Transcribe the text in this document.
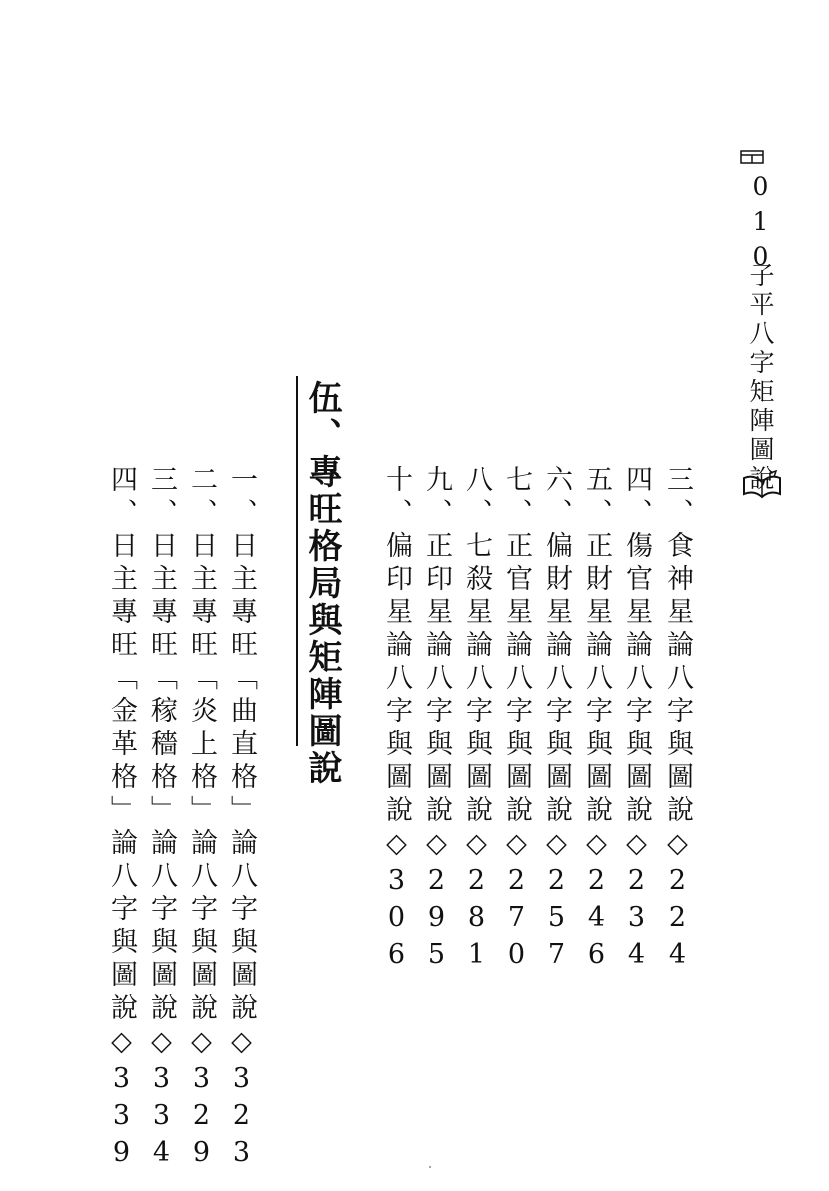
010
子平八字矩陣圖說
三、食神星論八字與圖說◇224
四、傷官星論八字與圖說◇234
五、正財星論八字與圖說◇246
六、偏財星論八字與圖說◇257
七、正官星論八字與圖說◇270
八、七殺星論八字與圖說◇281
九、正印星論八字與圖說◇295
十、偏印星論八字與圖說◇306
伍、專旺格局與矩陣圖說
一、日主專旺「曲直格」論八字與圖說◇323
二、日主專旺「炎上格」論八字與圖說◇329
三、日主專旺「稼穡格」論八字與圖說◇334
四、日主專旺「金革格」論八字與圖說◇339
